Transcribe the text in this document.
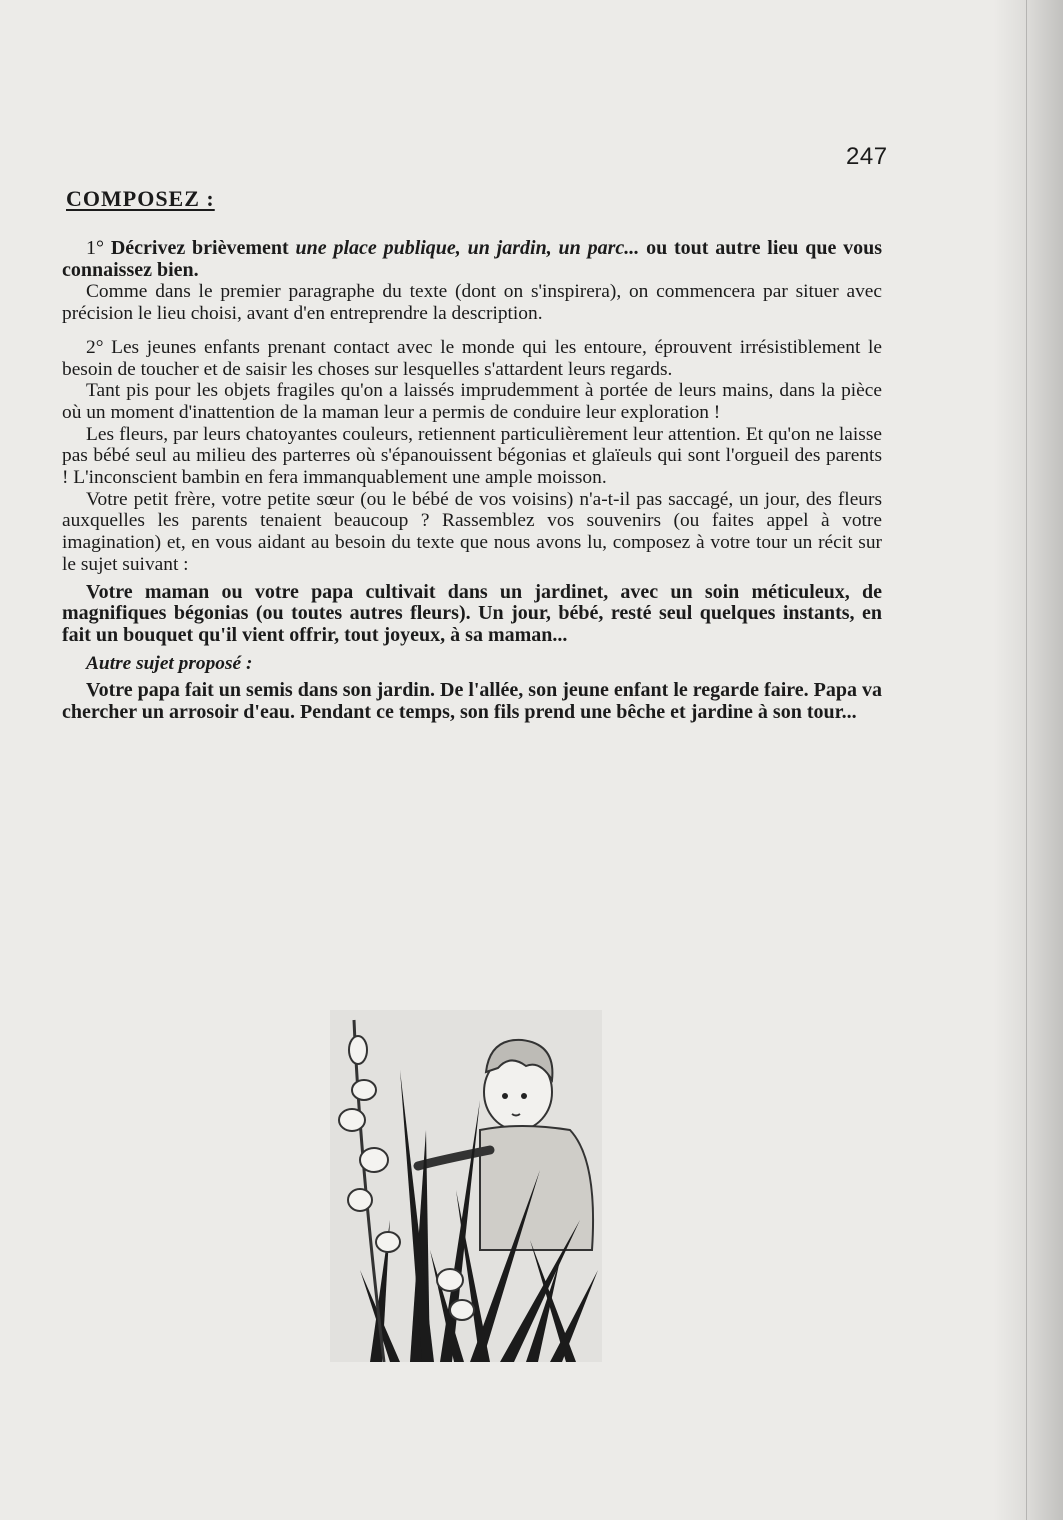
247
COMPOSEZ :

1° Décrivez brièvement une place publique, un jardin, un parc... ou tout autre lieu que vous connaissez bien.

Comme dans le premier paragraphe du texte (dont on s'inspirera), on commencera par situer avec précision le lieu choisi, avant d'en entreprendre la description.

2° Les jeunes enfants prenant contact avec le monde qui les entoure, éprouvent irrésistiblement le besoin de toucher et de saisir les choses sur lesquelles s'attardent leurs regards.

Tant pis pour les objets fragiles qu'on a laissés imprudemment à portée de leurs mains, dans la pièce où un moment d'inattention de la maman leur a permis de conduire leur exploration !

Les fleurs, par leurs chatoyantes couleurs, retiennent particulièrement leur attention. Et qu'on ne laisse pas bébé seul au milieu des parterres où s'épanouissent bégonias et glaïeuls qui sont l'orgueil des parents ! L'inconscient bambin en fera immanquablement une ample moisson.

Votre petit frère, votre petite sœur (ou le bébé de vos voisins) n'a-t-il pas saccagé, un jour, des fleurs auxquelles les parents tenaient beaucoup ? Rassemblez vos souvenirs (ou faites appel à votre imagination) et, en vous aidant au besoin du texte que nous avons lu, composez à votre tour un récit sur le sujet suivant :

Votre maman ou votre papa cultivait dans un jardinet, avec un soin méticuleux, de magnifiques bégonias (ou toutes autres fleurs). Un jour, bébé, resté seul quelques instants, en fait un bouquet qu'il vient offrir, tout joyeux, à sa maman...

Autre sujet proposé :

Votre papa fait un semis dans son jardin. De l'allée, son jeune enfant le regarde faire. Papa va chercher un arrosoir d'eau. Pendant ce temps, son fils prend une bêche et jardine à son tour...
